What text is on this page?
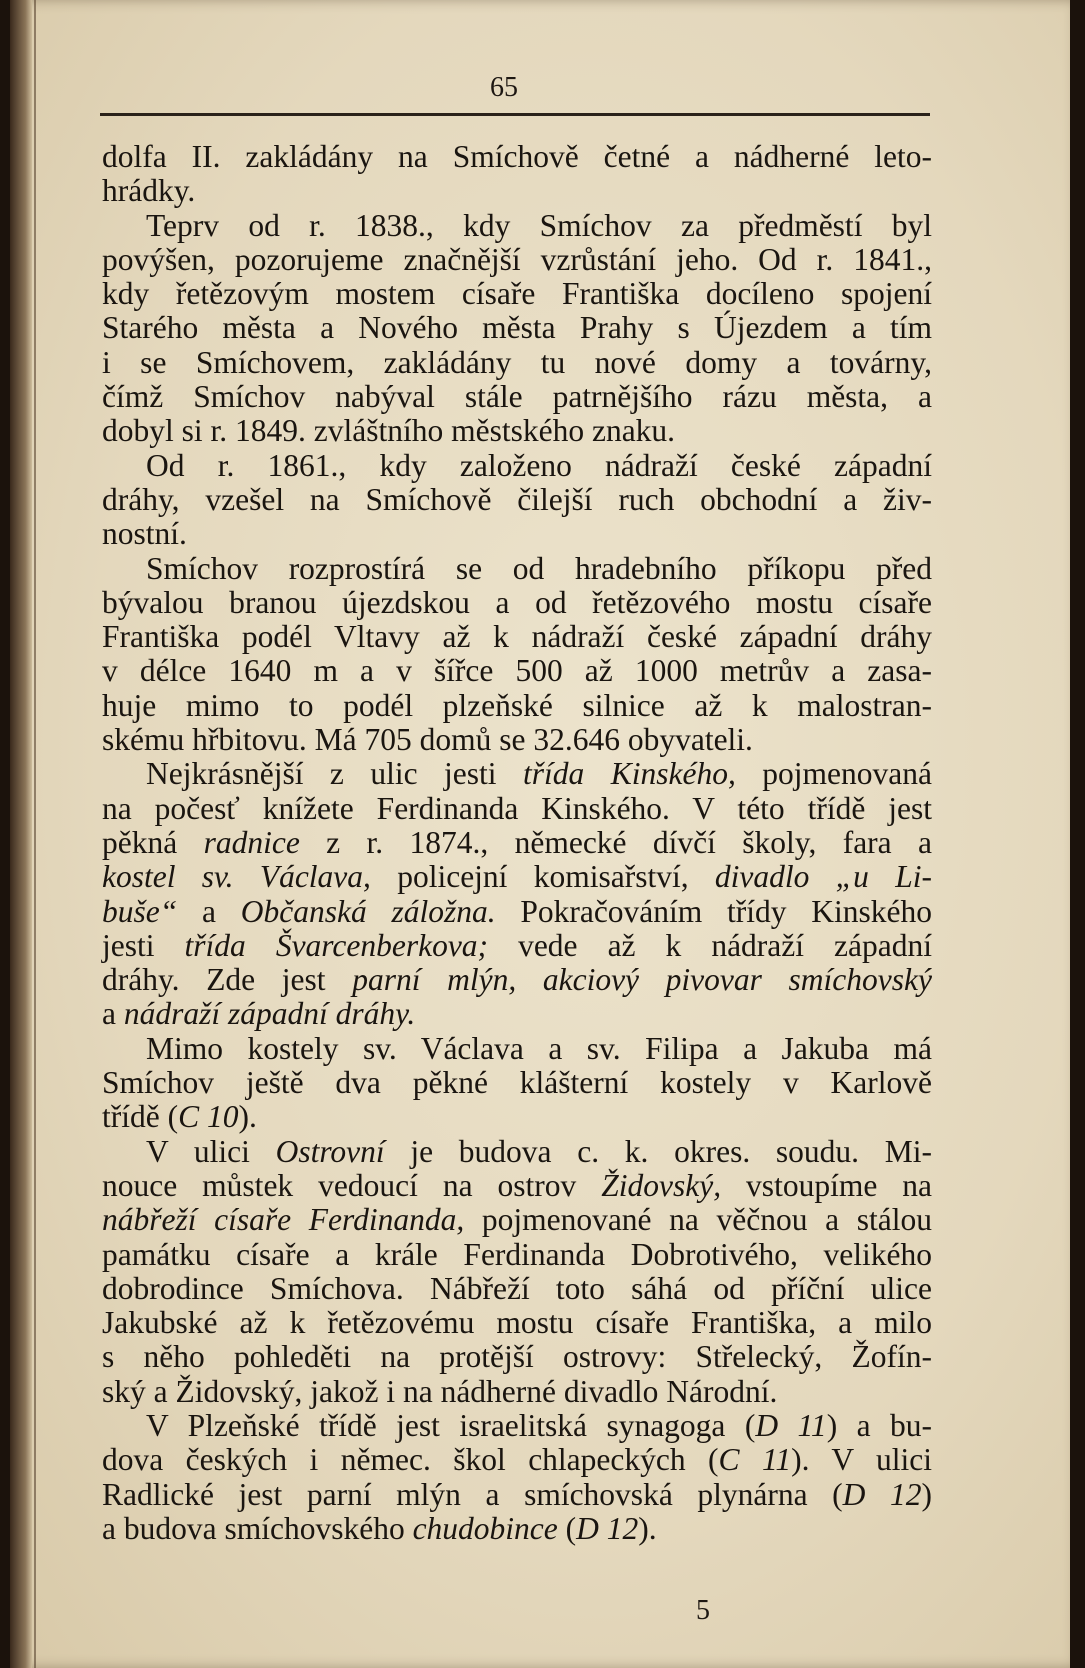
65
dolfa II. zakládány na Smíchově četné a nádherné leto-
hrádky.
Teprv od r. 1838., kdy Smíchov za předměstí byl
povýšen, pozorujeme značnější vzrůstání jeho. Od r. 1841.,
kdy řetězovým mostem císaře Františka docíleno spojení
Starého města a Nového města Prahy s Újezdem a tím
i se Smíchovem, zakládány tu nové domy a továrny,
čímž Smíchov nabýval stále patrnějšího rázu města, a
dobyl si r. 1849. zvláštního městského znaku.
Od r. 1861., kdy založeno nádraží české západní
dráhy, vzešel na Smíchově čilejší ruch obchodní a živ-
nostní.
Smíchov rozprostírá se od hradebního příkopu před
bývalou branou újezdskou a od řetězového mostu císaře
Františka podél Vltavy až k nádraží české západní dráhy
v délce 1640 m a v šířce 500 až 1000 metrův a zasa-
huje mimo to podél plzeňské silnice až k malostran-
skému hřbitovu. Má 705 domů se 32.646 obyvateli.
Nejkrásnější z ulic jesti třída Kinského, pojmenovaná
na počesť knížete Ferdinanda Kinského. V této třídě jest
pěkná radnice z r. 1874., německé dívčí školy, fara a
kostel sv. Václava, policejní komisařství, divadlo „u Li-
buše“ a Občanská záložna. Pokračováním třídy Kinského
jesti třída Švarcenberkova; vede až k nádraží západní
dráhy. Zde jest parní mlýn, akciový pivovar smíchovský
a nádraží západní dráhy.
Mimo kostely sv. Václava a sv. Filipa a Jakuba má
Smíchov ještě dva pěkné klášterní kostely v Karlově
třídě (C 10).
V ulici Ostrovní je budova c. k. okres. soudu. Mi-
nouce můstek vedoucí na ostrov Židovský, vstoupíme na
nábřeží císaře Ferdinanda, pojmenované na věčnou a stálou
památku císaře a krále Ferdinanda Dobrotivého, velikého
dobrodince Smíchova. Nábřeží toto sáhá od příční ulice
Jakubské až k řetězovému mostu císaře Františka, a milo
s něho pohleděti na protější ostrovy: Střelecký, Žofín-
ský a Židovský, jakož i na nádherné divadlo Národní.
V Plzeňské třídě jest israelitská synagoga (D 11) a bu-
dova českých i němec. škol chlapeckých (C 11). V ulici
Radlické jest parní mlýn a smíchovská plynárna (D 12)
a budova smíchovského chudobince (D 12).
5
